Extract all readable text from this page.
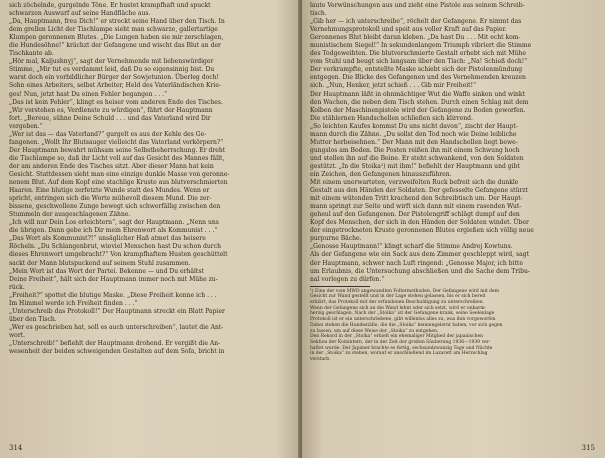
sich zöchelnde, gurgelnde Töne. Er hustet krampfhaft und spuckt

schwarzen Auswurf auf seine Handfläche aus.

„Da, Hauptmann, freu Dich!“ er streckt seine Hand über den Tisch. In

dem grellen Licht der Tischlampe sieht man schwarze, gallertartige

Klumpen geronnenen Blutes. „Die Lungen haben sie mir zerschlagen,

die Hundesöhne!“ krächzt der Gefangene und wischt das Blut an der

Tischkante ab.

„Hör mal, Kaljushnyj“, sagt der Vernehmende mit liebenswürdiger

Stimme, „Mir tut es verdammt leid, daß Du so eigensinnig bist. Du

warst doch ein vorbildlicher Bürger der Sowjetunion. Überleg doch!

Sohn eines Arbeiters, selbst Arbeiter, Held des Vaterländischen Krie-

ges! Nun, jetzt hast Du einen Fehler begangen . . .“

„Das ist kein Fehler“, klingt es heiser vom anderen Ende des Tisches.

„Wir verstehen es, Verdienste zu würdigen“, fährt der Hauptmann

fort. „Bereue, sühne Deine Schuld . . . und das Vaterland wird Dir

vergeben.“

„Wer ist das — das Vaterland?“ gurgelt es aus der Kehle des Ge-

fangenen. „Wollt Ihr Blutsauger vielleicht das Vaterland verkörpern?“

Der Hauptmann bewahrt mühsam seine Selbstbeherrschung. Er dreht

die Tischlampe so, daß ihr Licht voll auf das Gesicht des Mannes fällt,

der am anderen Ende des Tisches sitzt. Aber dieser Mann hat kein

Gesicht. Stattdessen sieht man eine einzige dunkle Masse von geronne-

nenem Blut. Auf dem Kopf eine stachlige Kruste aus blutverschmierten

Haaren. Eine blutige zerfetzte Wunde statt des Mundes. Wenn er

spricht, entringen sich die Worte mühevoll diesem Mund. Die zer-

bissene, geschwollene Zunge bewegt sich schwerfällig zwischen den

Stummeln der ausgeschlagenen Zähne.

„Ich will nur Dein Los erleichtern“, sagt der Hauptmann. „Nenn uns

die übrigen. Dann gebe ich Dir mein Ehrenwort als Kommunist . . .“

„Das Wort als Kommunist?!“ unsäglicher Haß atmet das heisere

Röcheln. „Du Schlangenbrut, wieviel Menschen hast Du schon durch

dieses Ehrenwort umgebracht?“ Von krampfhaftem Husten geschüttelt

sackt der Mann blutspuckend auf seinem Stuhl zusammen.

„Mein Wort ist das Wort der Partei. Bekenne — und Du erhältst

Deine Freiheit“, hält sich der Hauptmann immer noch mit Mühe zu-

rück.

„Freiheit?“ spottet die blutige Maske. „Diese Freiheit kenne ich . . .

Im Himmel werde ich Freiheit finden . . .“

„Unterschreib das Protokoll!“ Der Hauptmann streckt ein Blatt Papier

über den Tisch.

„Wer es geschrieben hat, soll es auch unterschreiben“, lautet die Ant-

wort.

„Unterschreib!“ befiehlt der Hauptmann drohend. Er vergißt die An-

wesenheit der beiden schweigenden Gestalten auf dem Sofa, bricht in

314

laute Verwünschungen aus und zieht eine Pistole aus seinem Schreib-

tisch.

„Gib her — ich unterschreibe“, röchelt der Gefangene. Er nimmt das

Vernehmungsprotokoll und speit aus voller Kraft auf das Papier.

Geronnenes Blut bleibt daran kleben. „Da hast Du . . . Mit echt kom-

munistischem Siegel!“ In sekundenlangem Triumph vibriert die Stimme

des Todgeweihten. Die blutverschmierte Gestalt erhebt sich mit Mühe

vom Stuhl und beugt sich langsam über den Tisch: „Na! Schieß doch!“

Der verkrampfte, entstellte Maske schiebt sich der Pistolenmündung

entgegen. Die Blicke des Gefangenen und des Vernehmenden kreuzen

sich. „Nun, Henker, jetzt schieß . . . Gib mir Freiheit!“

Der Hauptmann läßt in ohnmächtiger Wut die Waffe sinken und winkt

den Wachen, die neben dem Tisch stehen. Durch einen Schlag mit dem

Kolben der Maschinenpistole wird der Gefangene zu Boden geworfen.

Die stählernen Handschellen schließen sich klirrend.

„So leichten Kaufes kommst Du uns nicht davon“, zischt der Haupt-

mann durch die Zähne. „Du sollst den Tod noch wie Deine leibliche

Mutter herbeisehnen.“ Der Mann mit den Handschellen liegt bewe-

gungslos am Boden. Die Posten reißen ihn mit einem Schwung hoch

und stellen ihn auf die Beine. Er steht schwankend, von den Soldaten

gestützt. „In die Stoika¹) mit ihm!“ befiehlt der Hauptmann und gibt

ein Zeichen, den Gefangenen hinauszuführen.

Mit einem unerwarteten, verzweifelten Ruck befreit sich die dunkle

Gestalt aus den Händen der Soldaten. Der gefesselte Gefangene stürzt

mit einem wütenden Tritt krachend den Schreibtisch um. Der Haupt-

mann springt zur Seite und wirft sich dann mit einem rasenden Wut-

geheul auf den Gefangenen. Der Pistolengriff schlägt dumpf auf den

Kopf des Menschen, der sich in den Händen der Soldaten windet. Über

der eingetrockneten Kruste geronnenen Blutes ergießen sich völlig neue

purpurne Bäche.

„Genosse Hauptmann!“ klingt scharf die Stimme Andrej Kowtuns.

Als der Gefangene wie ein Sack aus dem Zimmer geschleppt wird, sagt

der Hauptmann, schwer nach Luft ringend: „Genosse Major, ich bitte

um Erlaubnis, die Untersuchung abschließen und die Sache dem Tribu-

nal vorlegen zu dürfen.“

¹) Eine der vom MWD angewandten Foltermethoden. Der Gefangene wird mit dem

Gesicht zur Wand gestellt und in der Lage stehen gelassen, bis er sich bereit

erklärt, das Protokoll mit der erfundenen Beschuldigung zu unterschreiben.

Wenn der Gefangene sich an die Wand lehnt oder sich setzt, wird er unbarm-

herzig geschlagen. Nach der „Stoika“ ist der Gefangene krank, seine Seelenlage

Protokoll ist er ein unterschriebene, gibt willenlos alles zu, was ihm vorgeworfen

Dabei stehen die Hundeställe, die die „Stoika“ kennengelernt haben, vor sich gegen

zu lassen, um auf diese Weise der „Stoika“ zu entgehen.

Den Rekord in der „Stoika“ erhielt ein ehemaliger Mitglied der japanischen

Sektion der Komintern, der in der Zeit der großen Säuberung 1936—1939 ver-

haftet wurde. Der Japaner brachte es fertig, sechsundzwanzig Tage und Nächte

in der „Stoika“ zu stehen, worauf er anschließend im Lazarett am Herzschlag

verstarb.

315
